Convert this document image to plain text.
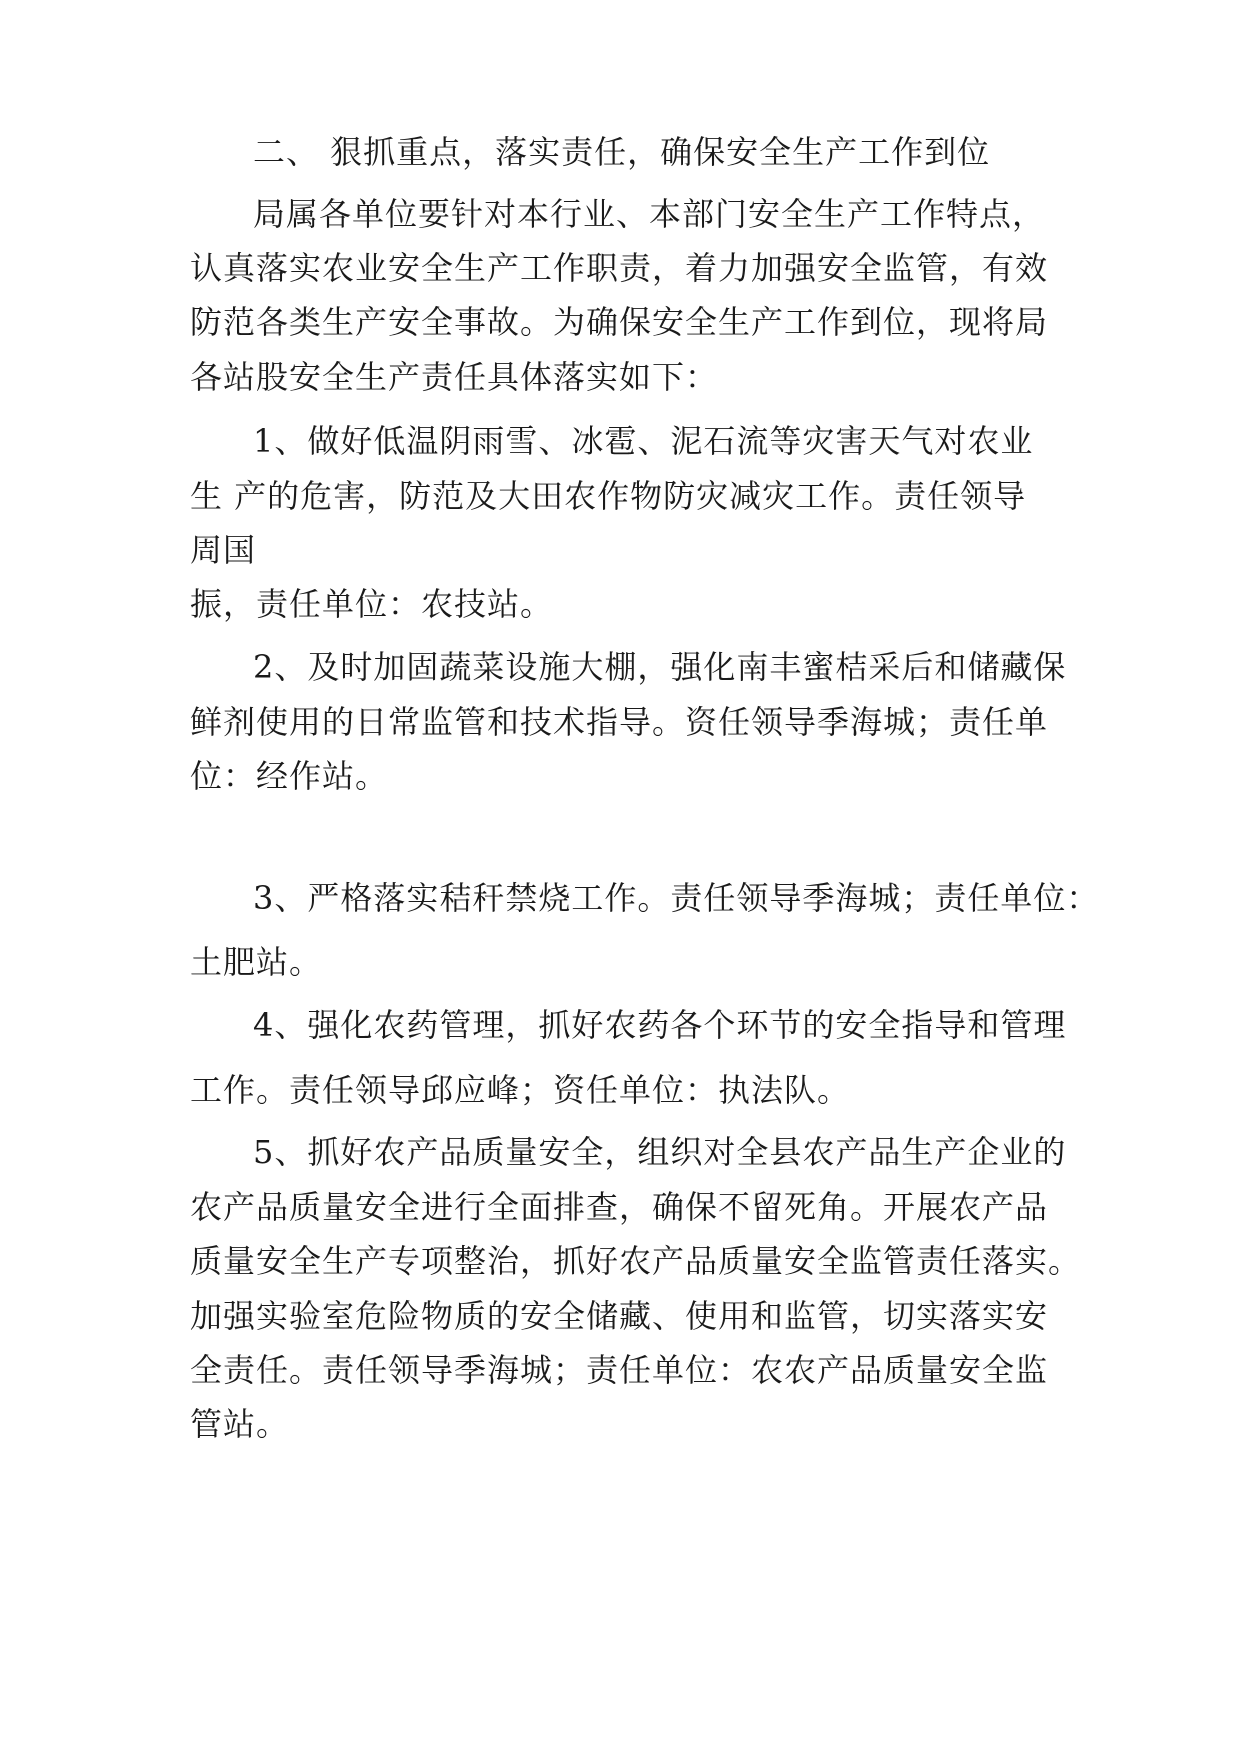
二、 狠抓重点，落实责任，确保安全生产工作到位
局属各单位要针对本行业、本部门安全生产工作特点，
认真落实农业安全生产工作职责，着力加强安全监管，有效
防范各类生产安全事故。为确保安全生产工作到位，现将局
各站股安全生产责任具体落实如下：
1、做好低温阴雨雪、冰雹、泥石流等灾害天气对农业
生 产的危害，防范及大田农作物防灾减灾工作。责任领导
周国
振，责任单位：农技站。
2、及时加固蔬菜设施大棚，强化南丰蜜桔采后和储藏保
鲜剂使用的日常监管和技术指导。资任领导季海城；责任单
位：经作站。
3、严格落实秸秆禁烧工作。责任领导季海城；责任单位：
土肥站。
4、强化农药管理，抓好农药各个环节的安全指导和管理
工作。责任领导邱应峰；资任单位：执法队。
5、抓好农产品质量安全，组织对全县农产品生产企业的
农产品质量安全进行全面排查，确保不留死角。开展农产品
质量安全生产专项整治，抓好农产品质量安全监管责任落实。
加强实验室危险物质的安全储藏、使用和监管，切实落实安
全责任。责任领导季海城；责任单位：农农产品质量安全监
管站。
